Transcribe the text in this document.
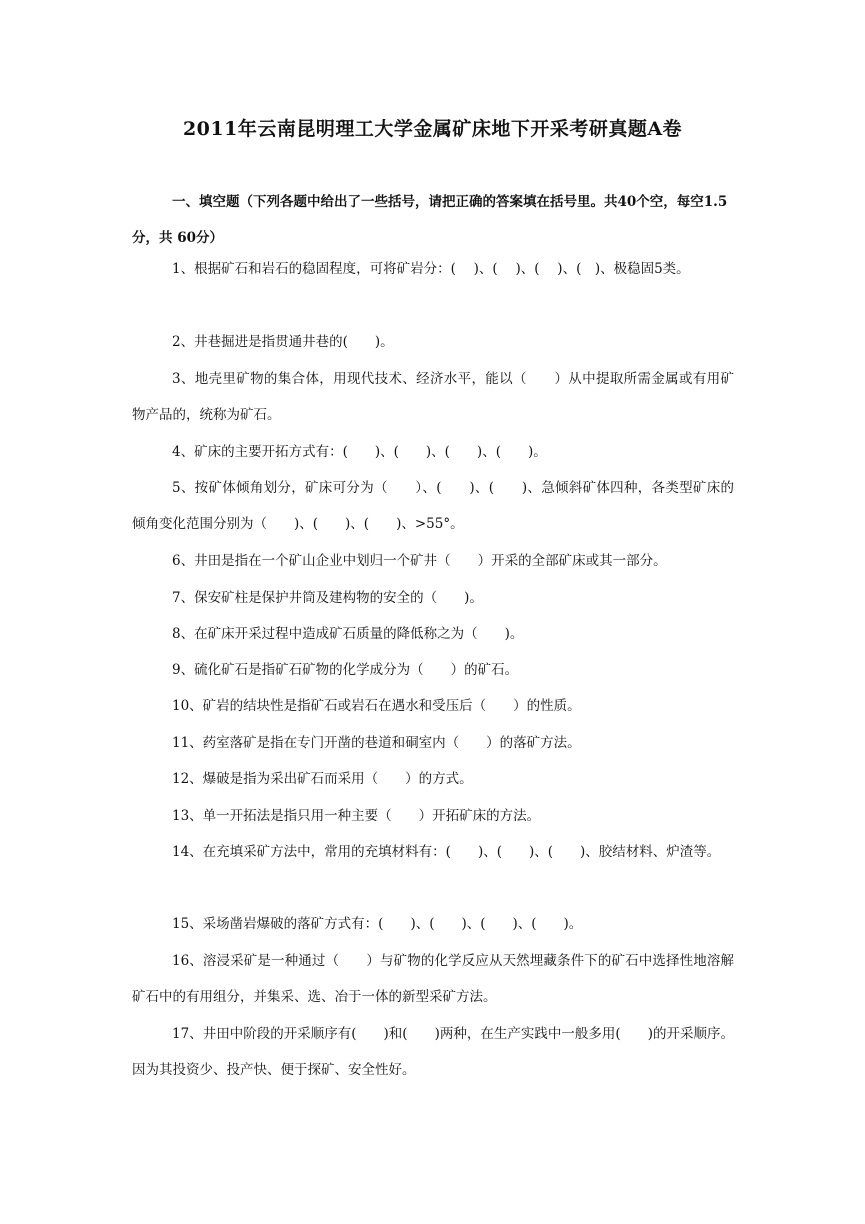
2011年云南昆明理工大学金属矿床地下开采考研真题A卷
一、填空题（下列各题中给出了一些括号，请把正确的答案填在括号里。共40个空，每空1.5分，共 60分）
1、根据矿石和岩石的稳固程度，可将矿岩分：(　 )、(　 )、(　 )、(　)、极稳固5类。
2、井巷掘进是指贯通井巷的(　　)。
3、地壳里矿物的集合体，用现代技术、经济水平，能以（　　）从中提取所需金属或有用矿物产品的，统称为矿石。
4、矿床的主要开拓方式有：(　　)、(　　)、(　　)、(　　)。
5、按矿体倾角划分，矿床可分为（　　）、(　　)、(　　)、急倾斜矿体四种，各类型矿床的倾角变化范围分别为（　　)、(　　)、(　　)、>55°。
6、井田是指在一个矿山企业中划归一个矿井（　　）开采的全部矿床或其一部分。
7、保安矿柱是保护井筒及建构物的安全的（　　)。
8、在矿床开采过程中造成矿石质量的降低称之为（　　)。
9、硫化矿石是指矿石矿物的化学成分为（　　）的矿石。
10、矿岩的结块性是指矿石或岩石在遇水和受压后（　　）的性质。
11、药室落矿是指在专门开凿的巷道和硐室内（　　）的落矿方法。
12、爆破是指为采出矿石而采用（　　）的方式。
13、单一开拓法是指只用一种主要（　　）开拓矿床的方法。
14、在充填采矿方法中，常用的充填材料有：(　　)、(　　)、(　　)、胶结材料、炉渣等。
15、采场凿岩爆破的落矿方式有：(　　)、(　　)、(　　)、(　　)。
16、溶浸采矿是一种通过（　　）与矿物的化学反应从天然埋藏条件下的矿石中选择性地溶解矿石中的有用组分，并集采、选、冶于一体的新型采矿方法。
17、井田中阶段的开采顺序有(　　)和(　　)两种，在生产实践中一般多用(　　)的开采顺序。因为其投资少、投产快、便于探矿、安全性好。
